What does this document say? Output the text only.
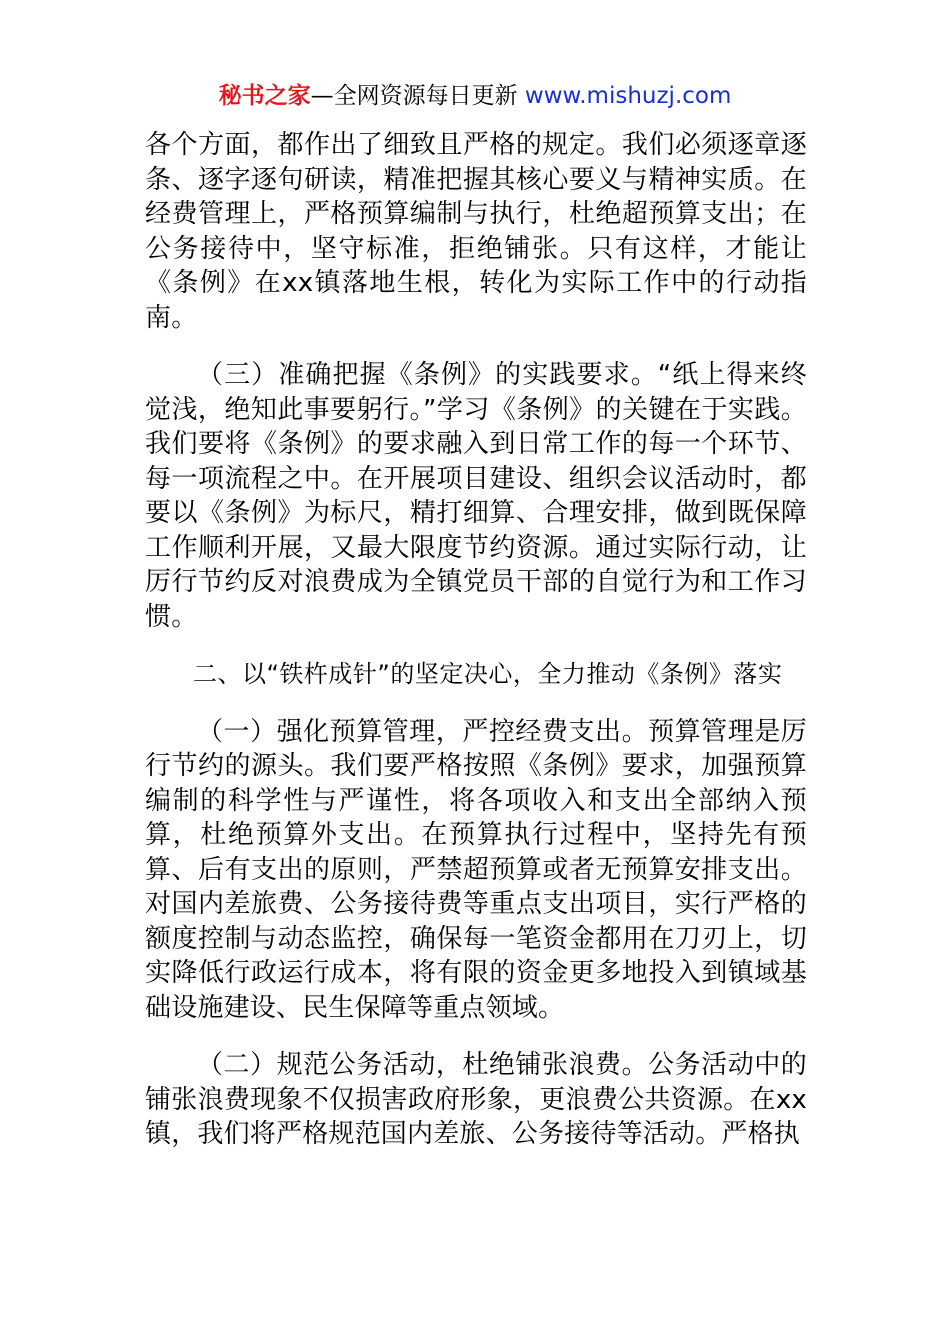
秘书之家—全网资源每日更新 www.mishuzj.com

各个方面，都作出了细致且严格的规定。我们必须逐章逐条、逐字逐句研读，精准把握其核心要义与精神实质。在经费管理上，严格预算编制与执行，杜绝超预算支出；在公务接待中，坚守标准，拒绝铺张。只有这样，才能让《条例》在xx镇落地生根，转化为实际工作中的行动指南。

（三）准确把握《条例》的实践要求。“纸上得来终觉浅，绝知此事要躬行。”学习《条例》的关键在于实践。我们要将《条例》的要求融入到日常工作的每一个环节、每一项流程之中。在开展项目建设、组织会议活动时，都要以《条例》为标尺，精打细算、合理安排，做到既保障工作顺利开展，又最大限度节约资源。通过实际行动，让厉行节约反对浪费成为全镇党员干部的自觉行为和工作习惯。

二、以“铁杵成针”的坚定决心，全力推动《条例》落实

（一）强化预算管理，严控经费支出。预算管理是厉行节约的源头。我们要严格按照《条例》要求，加强预算编制的科学性与严谨性，将各项收入和支出全部纳入预算，杜绝预算外支出。在预算执行过程中，坚持先有预算、后有支出的原则，严禁超预算或者无预算安排支出。对国内差旅费、公务接待费等重点支出项目，实行严格的额度控制与动态监控，确保每一笔资金都用在刀刃上，切实降低行政运行成本，将有限的资金更多地投入到镇域基础设施建设、民生保障等重点领域。

（二）规范公务活动，杜绝铺张浪费。公务活动中的铺张浪费现象不仅损害政府形象，更浪费公共资源。在xx镇，我们将严格规范国内差旅、公务接待等活动。严格执
